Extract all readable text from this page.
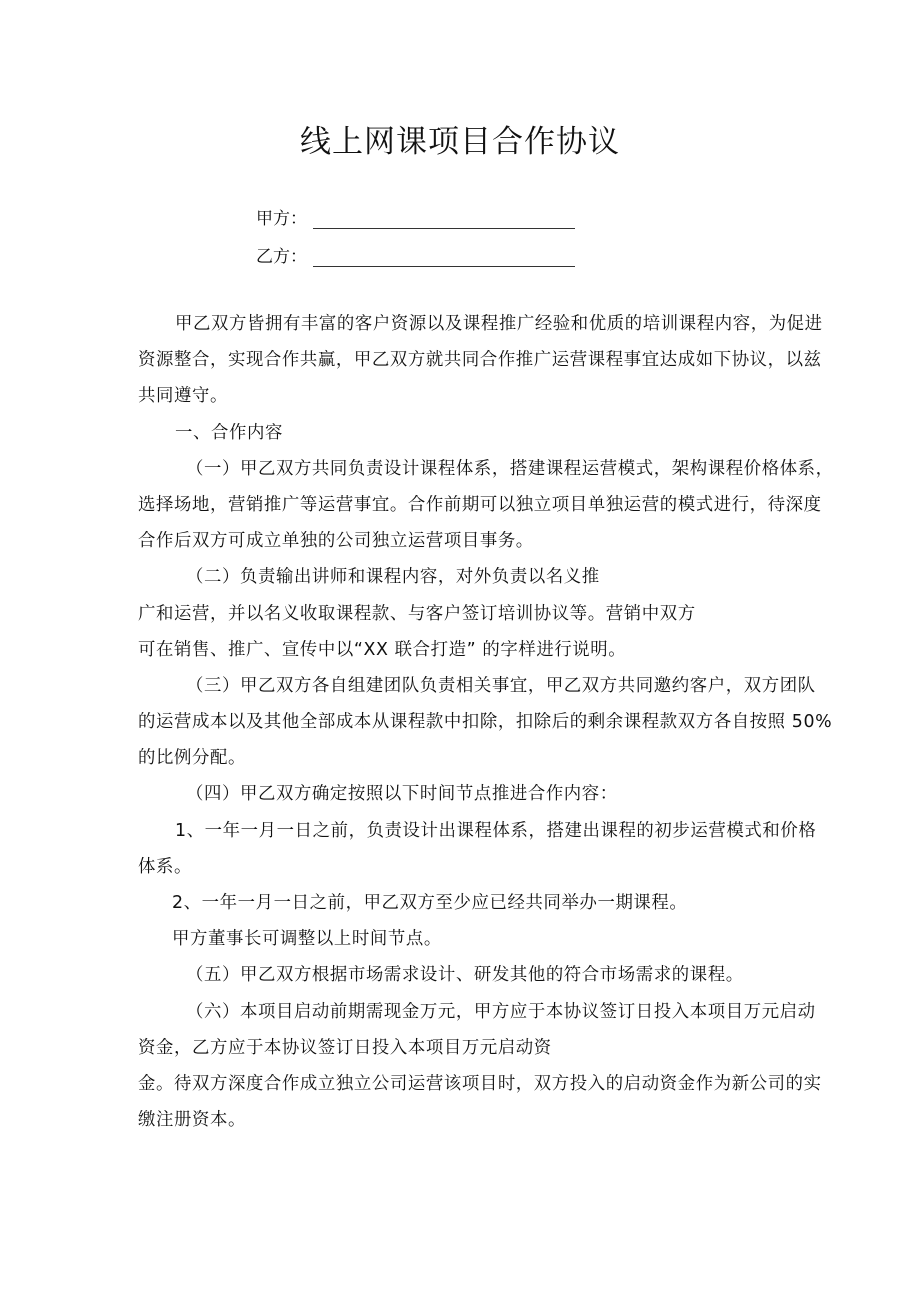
线上网课项目合作协议
甲方：
乙方：
甲乙双方皆拥有丰富的客户资源以及课程推广经验和优质的培训课程内容，为促进
资源整合，实现合作共赢，甲乙双方就共同合作推广运营课程事宜达成如下协议，以兹
共同遵守。
一、合作内容
（一）甲乙双方共同负责设计课程体系，搭建课程运营模式，架构课程价格体系，
选择场地，营销推广等运营事宜。合作前期可以独立项目单独运营的模式进行，待深度
合作后双方可成立单独的公司独立运营项目事务。
（二）负责输出讲师和课程内容，对外负责以名义推
广和运营，并以名义收取课程款、与客户签订培训协议等。营销中双方
可在销售、推广、宣传中以“XX 联合打造” 的字样进行说明。
（三）甲乙双方各自组建团队负责相关事宜，甲乙双方共同邀约客户，双方团队
的运营成本以及其他全部成本从课程款中扣除，扣除后的剩余课程款双方各自按照 50%
的比例分配。
（四）甲乙双方确定按照以下时间节点推进合作内容：
1、一年一月一日之前，负责设计出课程体系，搭建出课程的初步运营模式和价格
体系。
2、一年一月一日之前，甲乙双方至少应已经共同举办一期课程。
甲方董事长可调整以上时间节点。
（五）甲乙双方根据市场需求设计、研发其他的符合市场需求的课程。
（六）本项目启动前期需现金万元，甲方应于本协议签订日投入本项目万元启动
资金，乙方应于本协议签订日投入本项目万元启动资
金。待双方深度合作成立独立公司运营该项目时，双方投入的启动资金作为新公司的实
缴注册资本。
